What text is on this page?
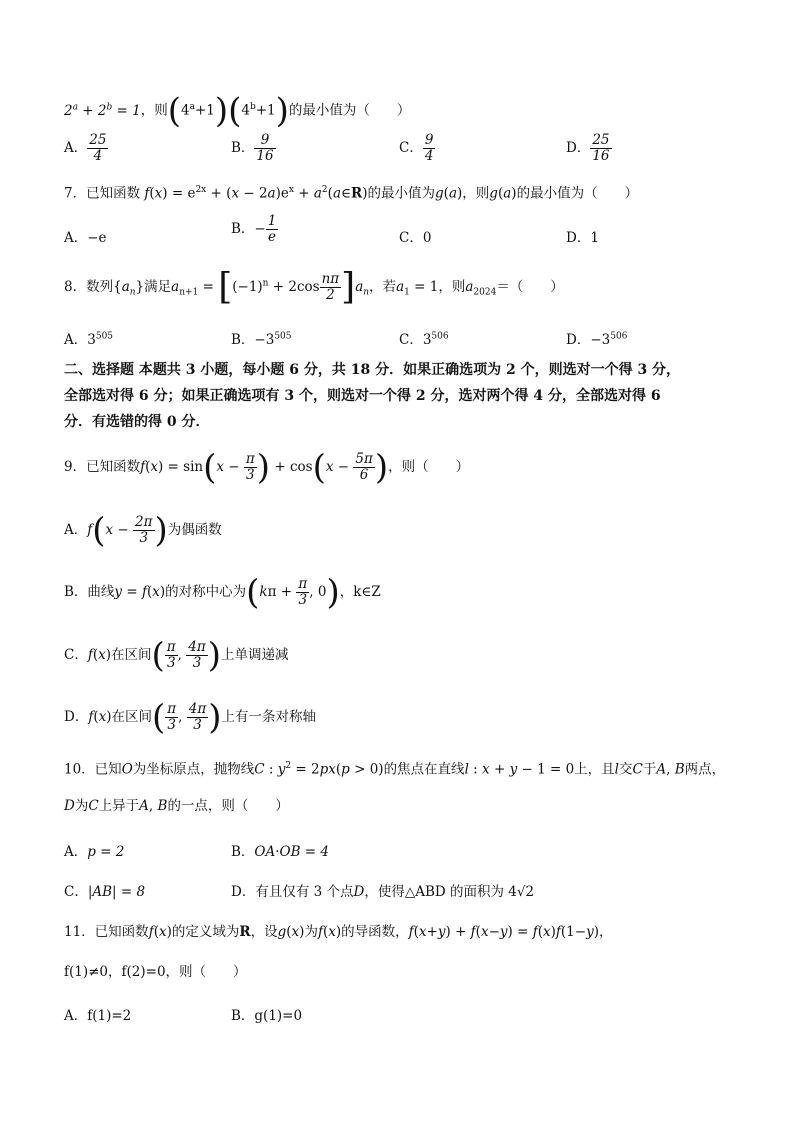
$2^a + 2^b = 1$，则$(4^a+1)(4^b+1)$的最小值为（　　）
A． $\frac{25}{4}$	B． $\frac{9}{16}$	C． $\frac{9}{4}$	D． $\frac{25}{16}$
7．已知函数 $f(x) = e^{2x} + (x - 2a)e^x$ + $a^2(a\in R)$的最小值为g(a)，则g(a)的最小值为（　　）
A．−e
B．− $\frac{1}{e}$	C．0	D．1
8．数列$\{a_n\}$满足$a_{n+1} = [(-1)^n + 2\cos \frac{n\pi}{2} ]a_n$，若$a_1 = 1$，则$a_{2024}=$（　　）
A．$3^{505}$	B．$-3^{505}$	C．$3^{506}$	D．$-3^{506}$
二、选择题 本题共 3 小题，每小题 6 分，共 18 分．如果正确选项为 2 个，则选对一个得 3 分，
全部选对得 6 分；如果正确选项有 3 个，则选对一个得 2 分，选对两个得 4 分，全部选对得 6
分．有选错的得 0 分．
9．已知函数$f(x) = \sin(x - \frac{\pi}{3}$ ) + $\cos(x - \frac{5\pi}{6}$ )，则（　　）
A．$f(x - \frac{2\pi}{3}$ )为偶函数
B．曲线y = f(x)的对称中心为($k\pi + \frac{\pi}{3}$ , 0)，k∈Z
C．f(x)在区间( $\frac{\pi}{3}$ , $\frac{4\pi}{3}$ )上单调递减
D．f(x)在区间( $\frac{\pi}{3}$ , $\frac{4\pi}{3}$ )上有一条对称轴
10．已知O为坐标原点，抛物线C : $y^2 = 2px(p > 0)$的焦点在直线l : x + y − 1 = 0上，且l交C于A, B两点，
D为C上异于A, B的一点，则（　　）
A．p = 2	B．OA·OB = 4
C．|AB| = 8	D．有且仅有 3 个点D，使得△ABD 的面积为 4√2
11．已知函数f(x)的定义域为R，设g(x)为f(x)的导函数，f(x+y) + f(x−y) = f(x)f(1−y)，
f(1)≠0，f(2)=0，则（　　）
A．f(1)=2	B．g(1)=0
